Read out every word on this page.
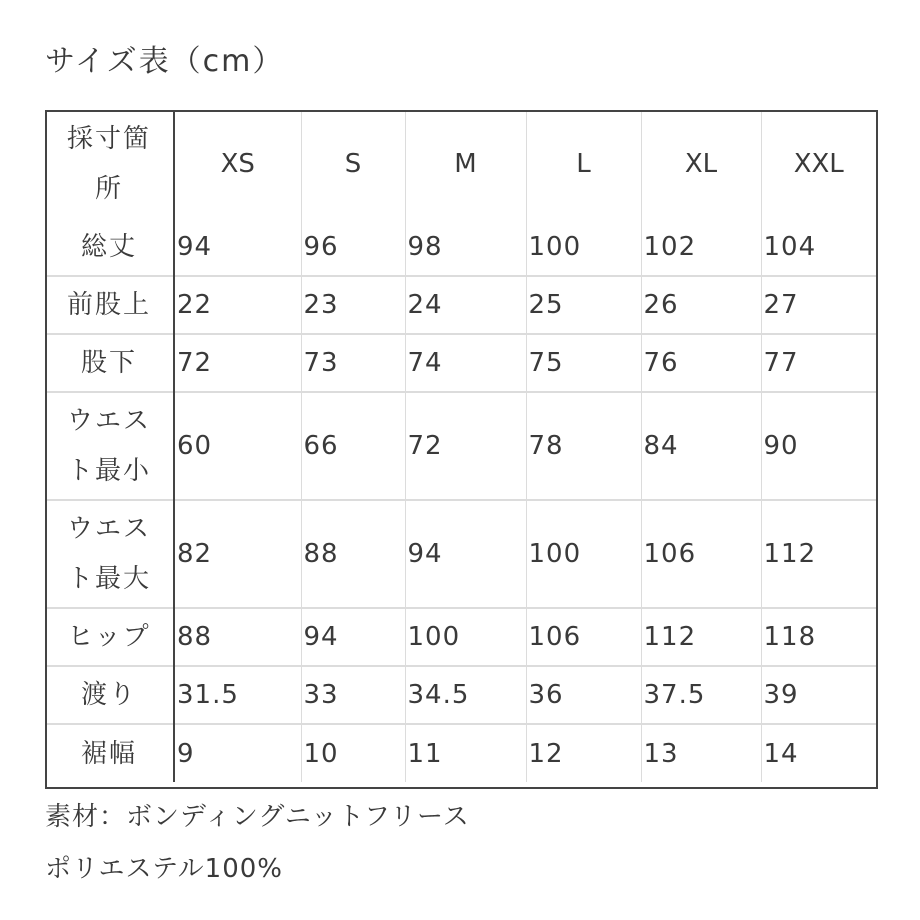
サイズ表（cm）
採寸箇
所	XS	S	M	L	XL	XXL

総丈	94	96	98	100	102	104

前股上	22	23	24	25	26	27

股下	72	73	74	75	76	77

ウエス
ト最小	60	66	72	78	84	90

ウエス
ト最大	82	88	94	100	106	112

ヒップ	88	94	100	106	112	118

渡り	31.5	33	34.5	36	37.5	39

裾幅	9	10	11	12	13	14
素材：ボンディングニットフリース
ポリエステル100%
